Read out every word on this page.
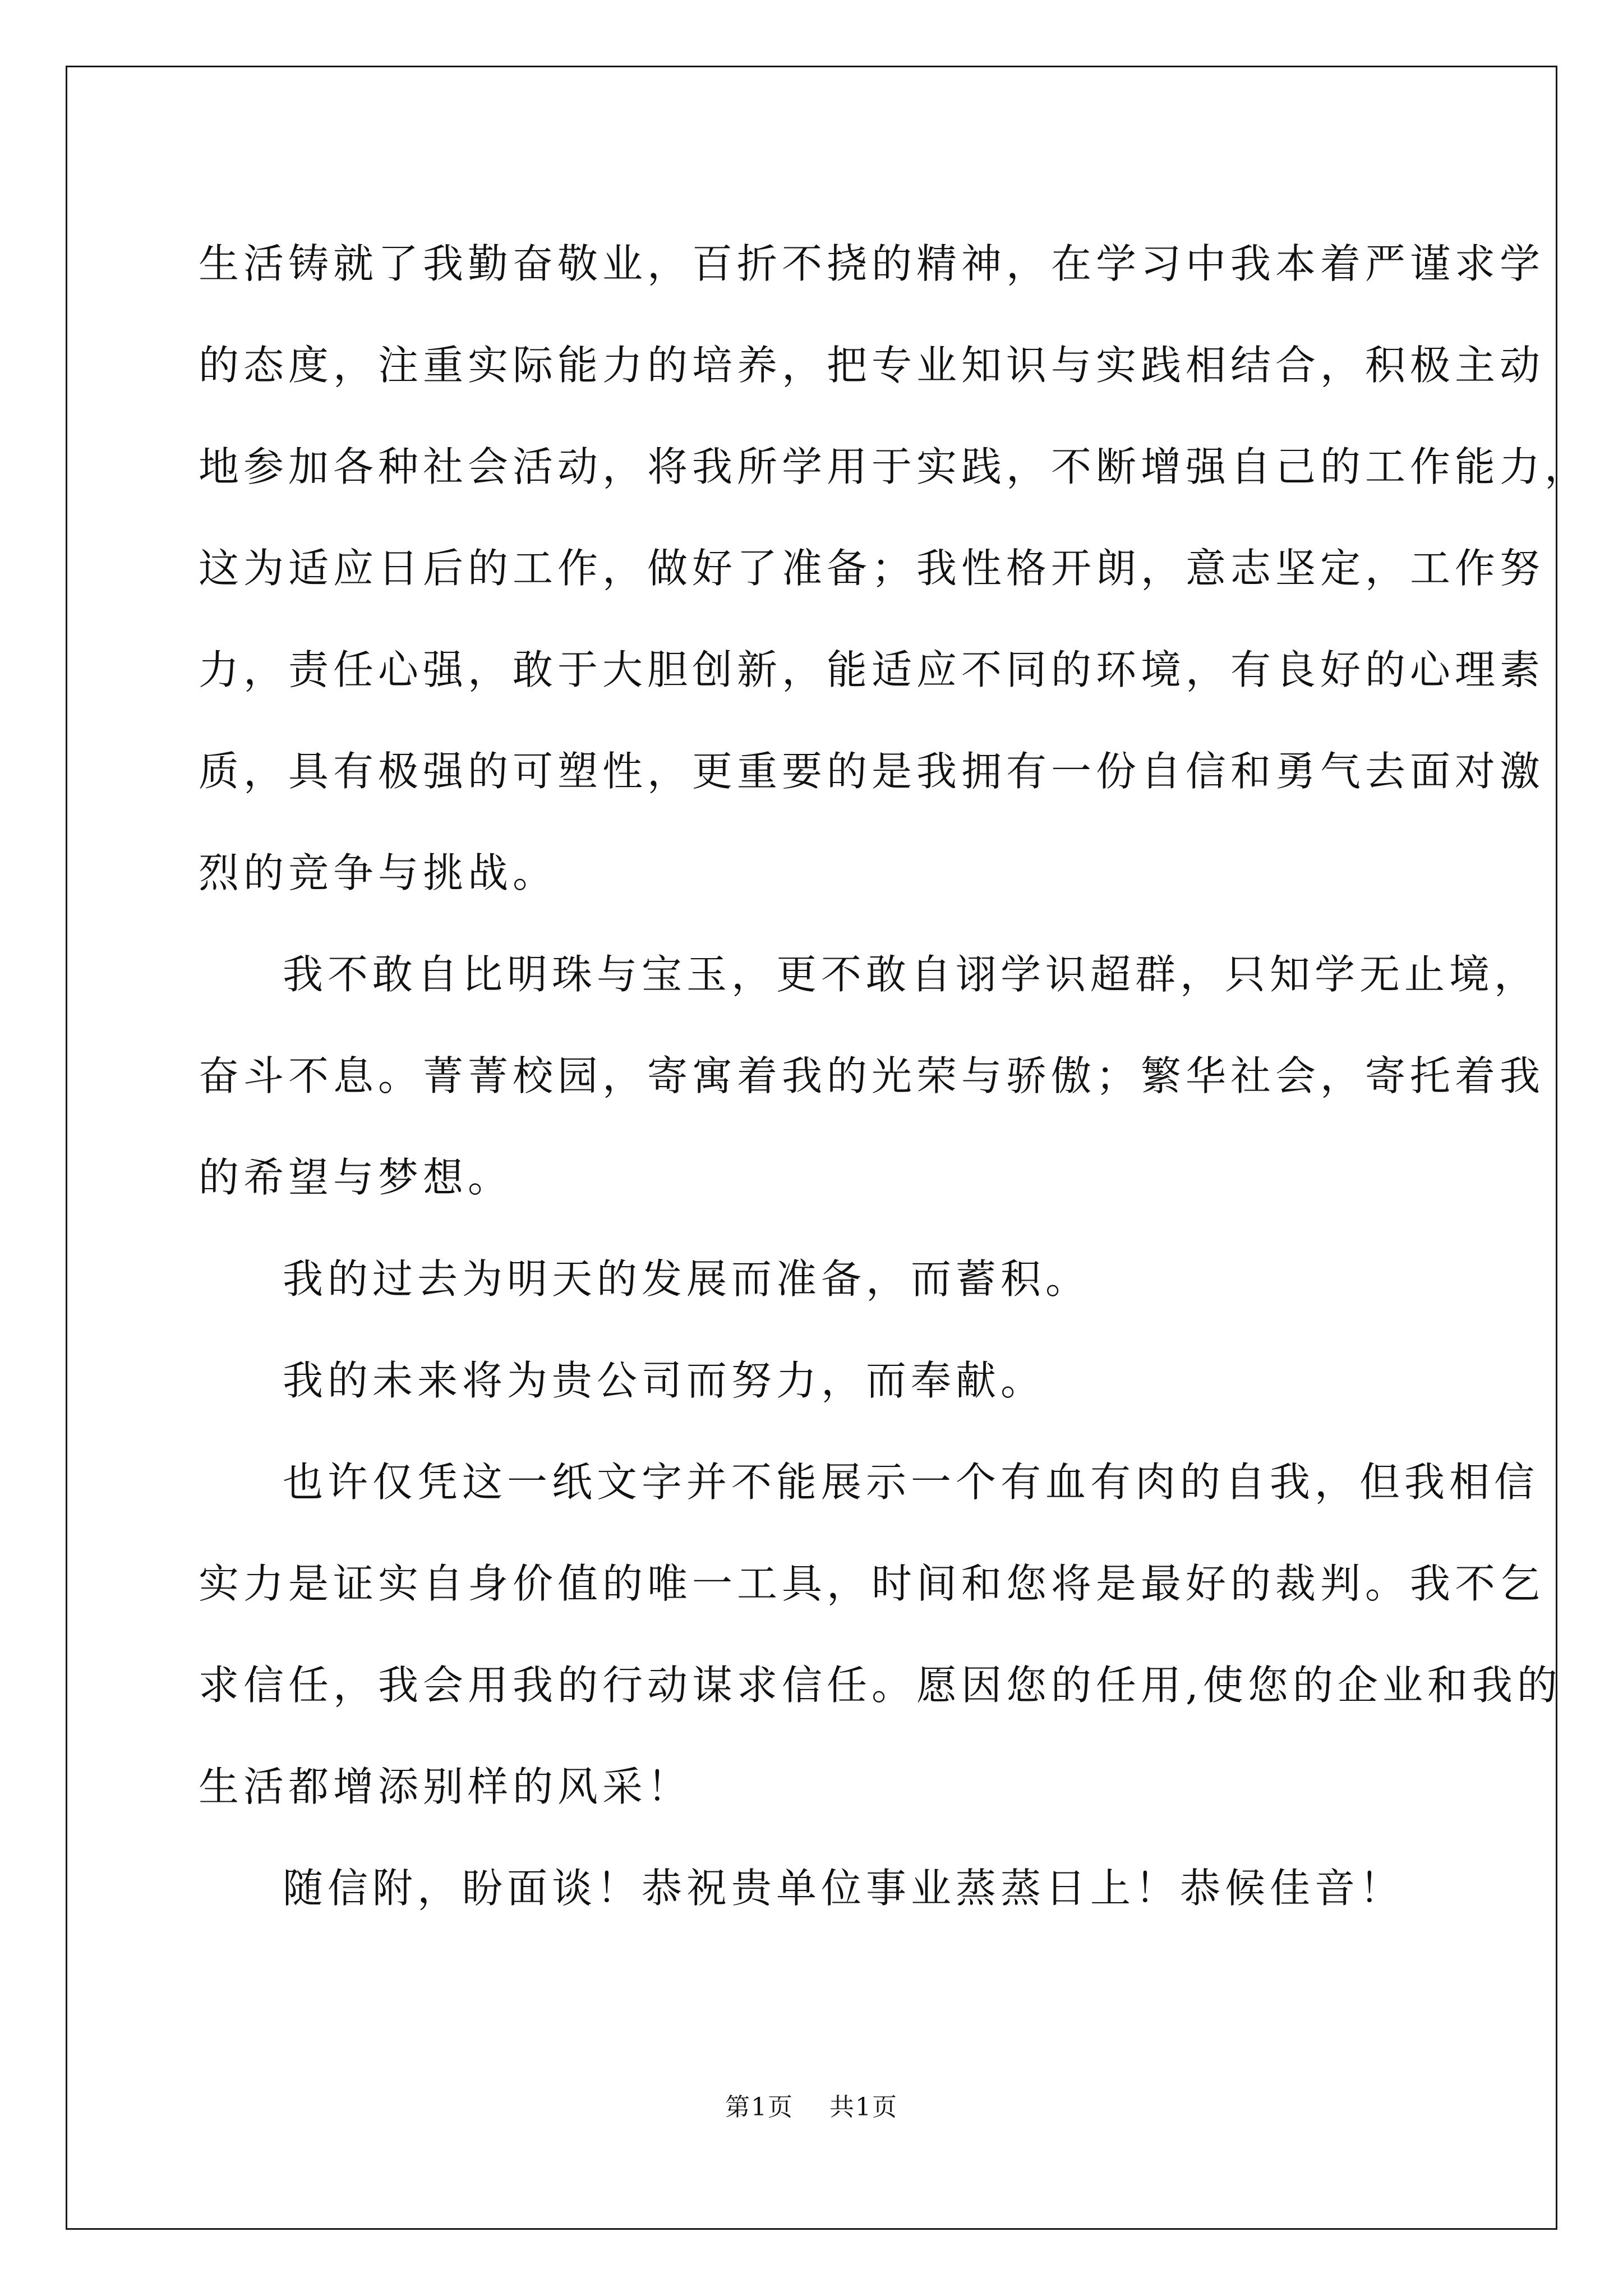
生活铸就了我勤奋敬业，百折不挠的精神，在学习中我本着严谨求学

的态度，注重实际能力的培养，把专业知识与实践相结合，积极主动

地参加各种社会活动，将我所学用于实践，不断增强自己的工作能力，

这为适应日后的工作，做好了准备；我性格开朗，意志坚定，工作努

力，责任心强，敢于大胆创新，能适应不同的环境，有良好的心理素

质，具有极强的可塑性，更重要的是我拥有一份自信和勇气去面对激

烈的竞争与挑战。

我不敢自比明珠与宝玉，更不敢自诩学识超群，只知学无止境，

奋斗不息。菁菁校园，寄寓着我的光荣与骄傲；繁华社会，寄托着我

的希望与梦想。

我的过去为明天的发展而准备，而蓄积。

我的未来将为贵公司而努力，而奉献。

也许仅凭这一纸文字并不能展示一个有血有肉的自我，但我相信

实力是证实自身价值的唯一工具，时间和您将是最好的裁判。我不乞

求信任，我会用我的行动谋求信任。愿因您的任用,使您的企业和我的

生活都增添别样的风采！

随信附，盼面谈！恭祝贵单位事业蒸蒸日上！恭候佳音！

第1页 共1页
